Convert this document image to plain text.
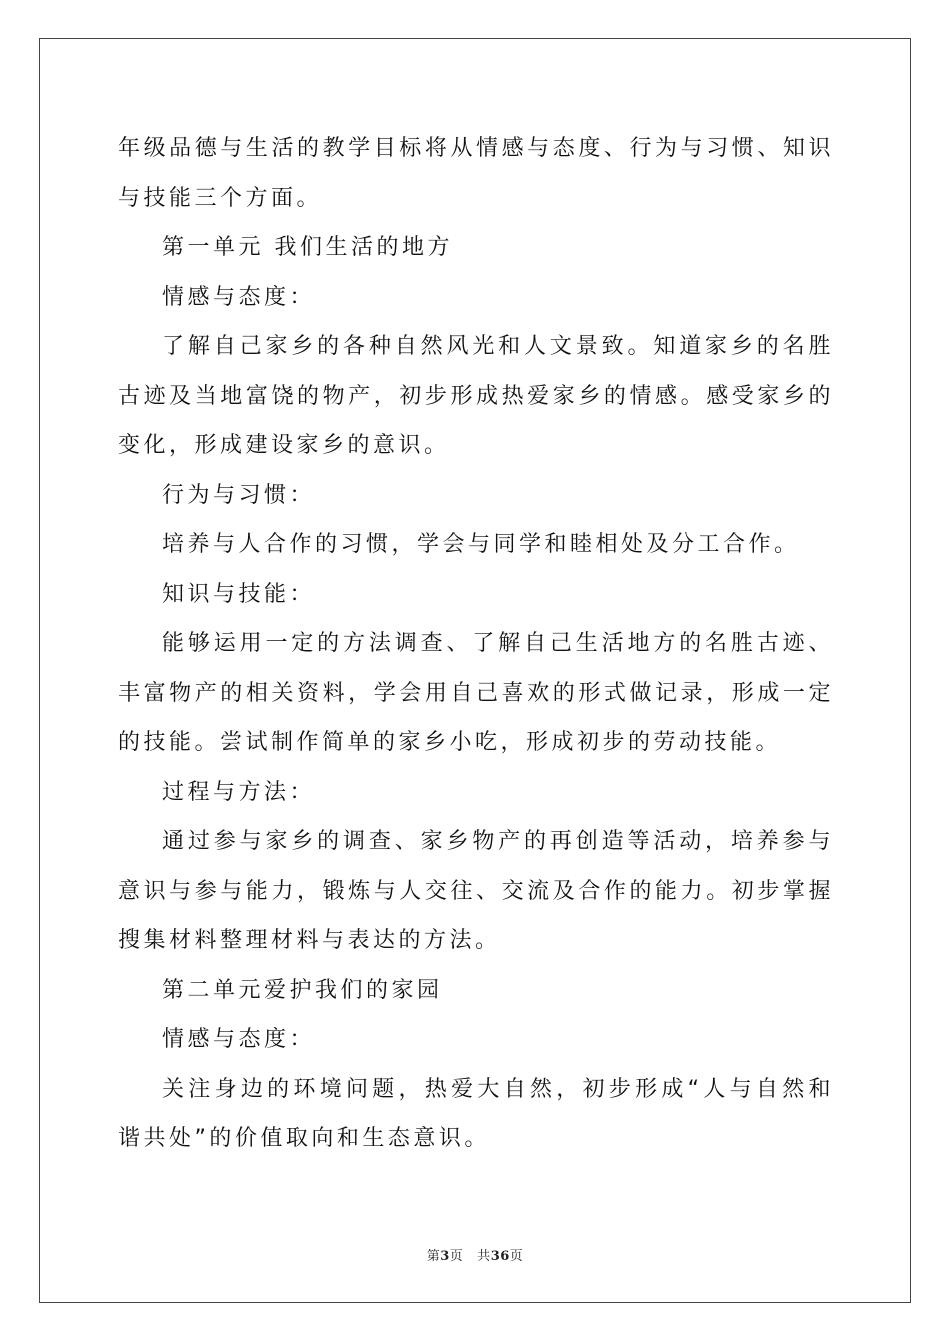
年级品德与生活的教学目标将从情感与态度、行为与习惯、知识与技能三个方面。

第一单元 我们生活的地方

情感与态度：

了解自己家乡的各种自然风光和人文景致。知道家乡的名胜古迹及当地富饶的物产，初步形成热爱家乡的情感。感受家乡的变化，形成建设家乡的意识。

行为与习惯：

培养与人合作的习惯，学会与同学和睦相处及分工合作。

知识与技能：

能够运用一定的方法调查、了解自己生活地方的名胜古迹、丰富物产的相关资料，学会用自己喜欢的形式做记录，形成一定的技能。尝试制作简单的家乡小吃，形成初步的劳动技能。

过程与方法：

通过参与家乡的调查、家乡物产的再创造等活动，培养参与意识与参与能力，锻炼与人交往、交流及合作的能力。初步掌握搜集材料整理材料与表达的方法。

第二单元爱护我们的家园

情感与态度：

关注身边的环境问题，热爱大自然，初步形成“人与自然和谐共处”的价值取向和生态意识。

第3页 共36页
